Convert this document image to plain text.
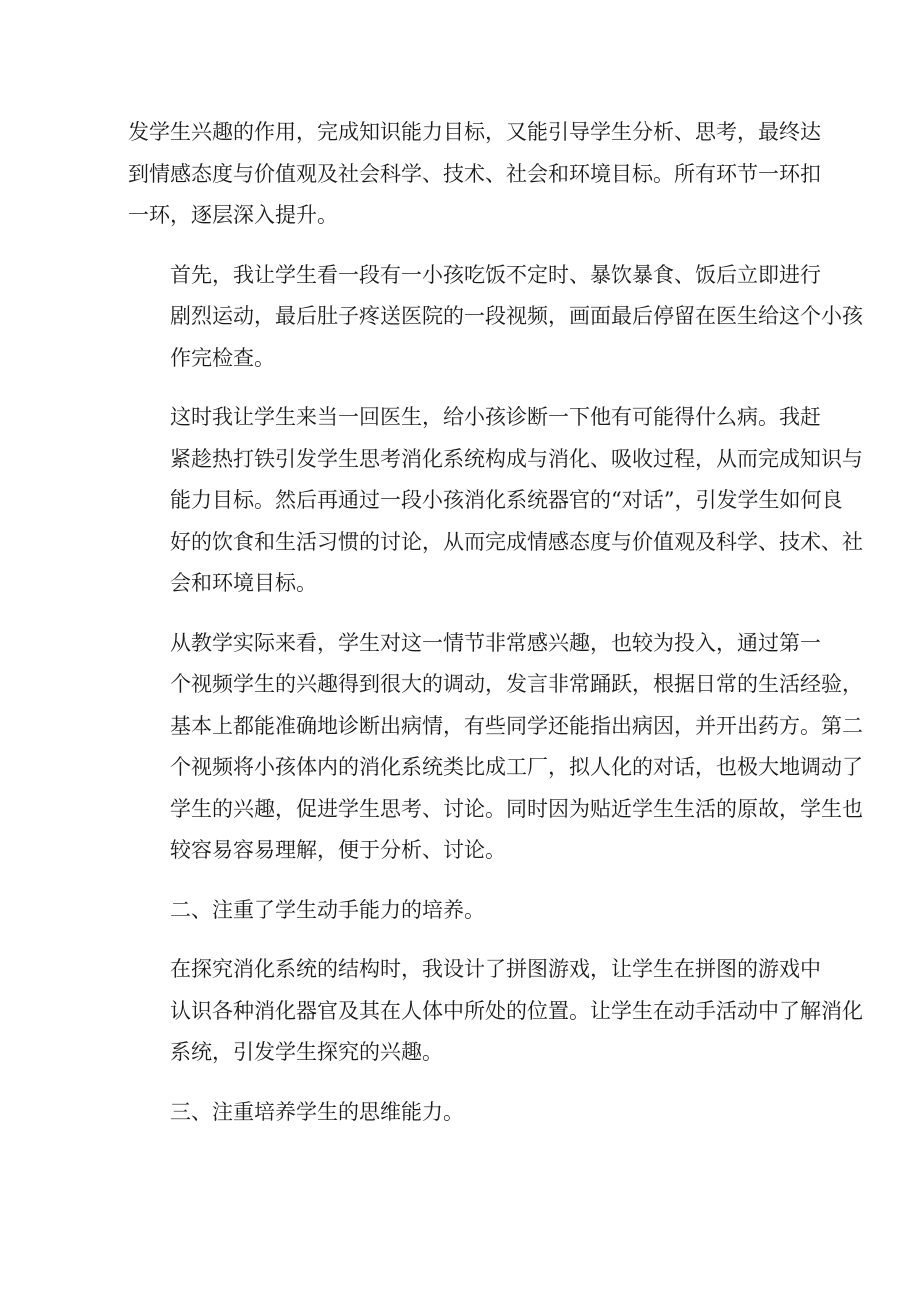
发学生兴趣的作用，完成知识能力目标，又能引导学生分析、思考，最终达
到情感态度与价值观及社会科学、技术、社会和环境目标。所有环节一环扣
一环，逐层深入提升。

首先，我让学生看一段有一小孩吃饭不定时、暴饮暴食、饭后立即进行
剧烈运动，最后肚子疼送医院的一段视频，画面最后停留在医生给这个小孩
作完检查。

这时我让学生来当一回医生，给小孩诊断一下他有可能得什么病。我赶
紧趁热打铁引发学生思考消化系统构成与消化、吸收过程，从而完成知识与
能力目标。然后再通过一段小孩消化系统器官的“对话”，引发学生如何良
好的饮食和生活习惯的讨论，从而完成情感态度与价值观及科学、技术、社
会和环境目标。

从教学实际来看，学生对这一情节非常感兴趣，也较为投入，通过第一
个视频学生的兴趣得到很大的调动，发言非常踊跃，根据日常的生活经验，
基本上都能准确地诊断出病情，有些同学还能指出病因，并开出药方。第二
个视频将小孩体内的消化系统类比成工厂，拟人化的对话，也极大地调动了
学生的兴趣，促进学生思考、讨论。同时因为贴近学生生活的原故，学生也
较容易容易理解，便于分析、讨论。

二、注重了学生动手能力的培养。

在探究消化系统的结构时，我设计了拼图游戏，让学生在拼图的游戏中
认识各种消化器官及其在人体中所处的位置。让学生在动手活动中了解消化
系统，引发学生探究的兴趣。

三、注重培养学生的思维能力。
